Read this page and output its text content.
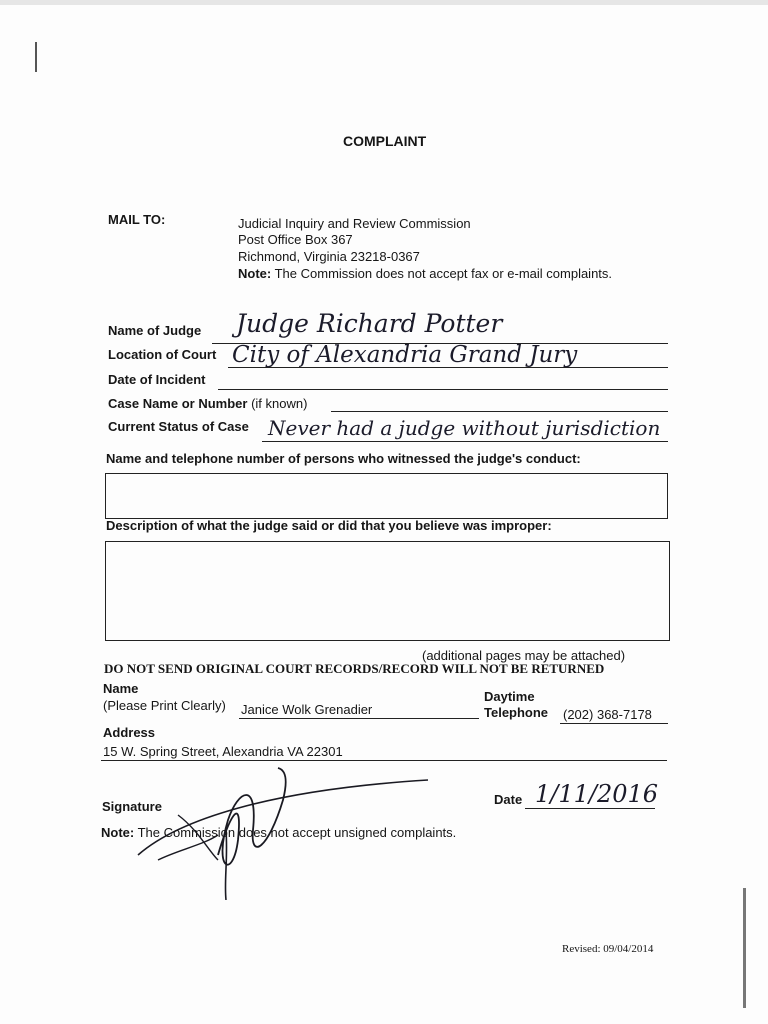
COMPLAINT
MAIL TO:	Judicial Inquiry and Review Commission
Post Office Box 367
Richmond, Virginia 23218-0367
Note: The Commission does not accept fax or e-mail complaints.
Name of Judge Judge Richard Potter
Location of Court City of Alexandria Grand Jury
Date of Incident
Case Name or Number (if known)
Current Status of Case Never had a judge without jurisdiction
Name and telephone number of persons who witnessed the judge's conduct:
Description of what the judge said or did that you believe was improper:
(additional pages may be attached)
DO NOT SEND ORIGINAL COURT RECORDS/RECORD WILL NOT BE RETURNED
Name
(Please Print Clearly) Janice Wolk Grenadier
Daytime
Telephone (202) 368-7178
Address
15 W. Spring Street, Alexandria VA 22301
Signature	Date 1/11/2016
Note: The Commission does not accept unsigned complaints.
Revised: 09/04/2014
